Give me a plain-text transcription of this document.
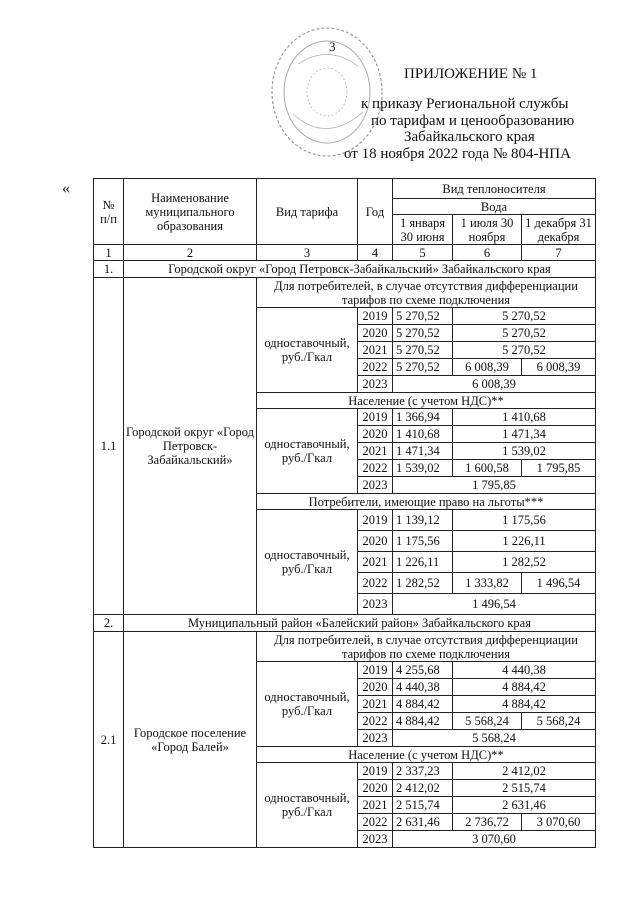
3
ПРИЛОЖЕНИЕ № 1
к приказу Региональной службы
по тарифам и ценообразованию
Забайкальского края
от 18 ноября 2022 года № 804-НПА
«
№ п/п	Наименование муниципального образования	Вид тарифа	Год	Вид теплоносителя		
				Вода		
				1 января 30 июня	1 июля 30 ноября	1 декабря 31 декабря
1	2	3	4	5	6	7
1.	Городской округ «Город Петровск-Забайкальский» Забайкальского края					
1.1	Городской округ «Город Петровск-Забайкальский»	Для потребителей, в случае отсутствия дифференциации тарифов по схеме подключения				
		одноставочный, руб./Гкал	2019	5 270,52	5 270,52	
			2020	5 270,52	5 270,52	
			2021	5 270,52	5 270,52	
			2022	5 270,52	6 008,39	6 008,39
			2023	6 008,39		
		Население (с учетом НДС)**				
		одноставочный, руб./Гкал	2019	1 366,94	1 410,68	
			2020	1 410,68	1 471,34	
			2021	1 471,34	1 539,02	
			2022	1 539,02	1 600,58	1 795,85
			2023	1 795,85		
		Потребители, имеющие право на льготы***				
		одноставочный, руб./Гкал	2019	1 139,12	1 175,56	
			2020	1 175,56	1 226,11	
			2021	1 226,11	1 282,52	
			2022	1 282,52	1 333,82	1 496,54
			2023	1 496,54		
2.	Муниципальный район «Балейский район» Забайкальского края					
2.1	Городское поселение «Город Балей»	Для потребителей, в случае отсутствия дифференциации тарифов по схеме подключения				
		одноставочный, руб./Гкал	2019	4 255,68	4 440,38	
			2020	4 440,38	4 884,42	
			2021	4 884,42	4 884,42	
			2022	4 884,42	5 568,24	5 568,24
			2023	5 568,24		
		Население (с учетом НДС)**				
		одноставочный, руб./Гкал	2019	2 337,23	2 412,02	
			2020	2 412,02	2 515,74	
			2021	2 515,74	2 631,46	
			2022	2 631,46	2 736,72	3 070,60
			2023	3 070,60		
